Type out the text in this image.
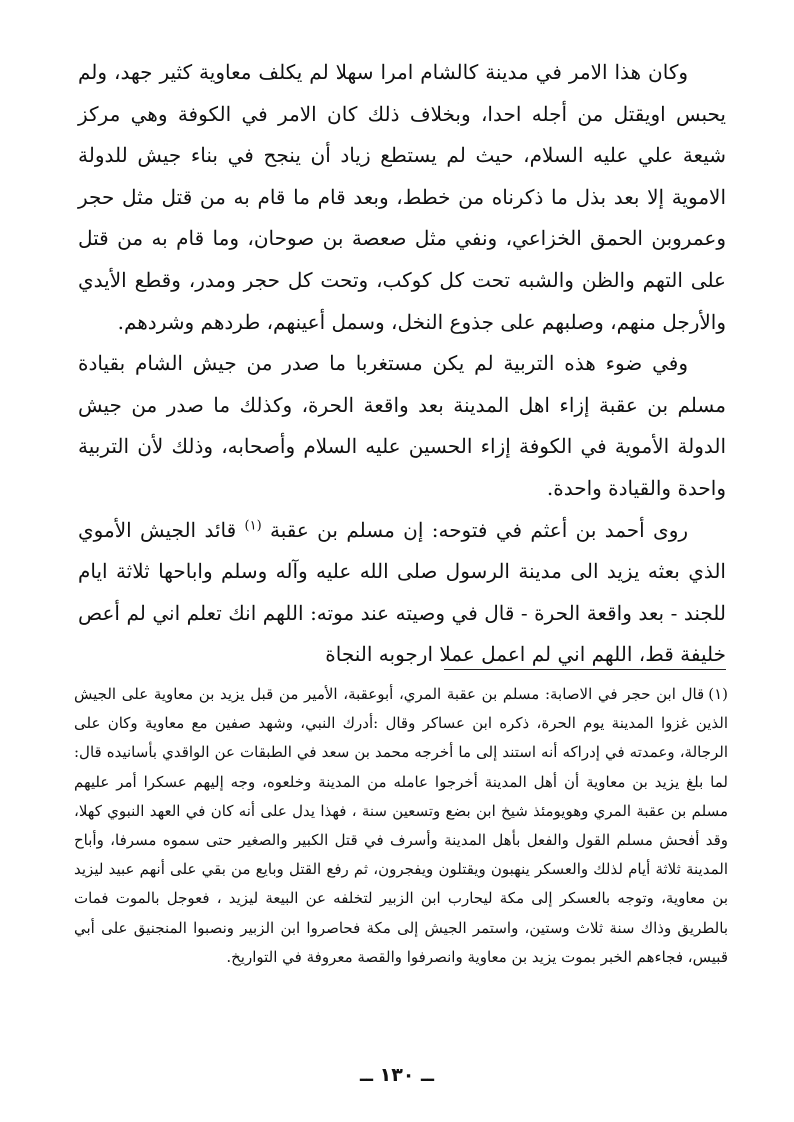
وكان هذا الامر في مدينة كالشام امرا سهلا لم يكلف معاوية كثير جهد، ولم يحبس اويقتل من أجله احدا، وبخلاف ذلك كان الامر في الكوفة وهي مركز شيعة علي عليه السلام، حيث لم يستطع زياد أن ينجح في بناء جيش للدولة الاموية إلا بعد بذل ما ذكرناه من خطط، وبعد قام ما قام به من قتل مثل حجر وعمروبن الحمق الخزاعي، ونفي مثل صعصة بن صوحان، وما قام به من قتل على التهم والظن والشبه تحت كل كوكب، وتحت كل حجر ومدر، وقطع الأيدي والأرجل منهم، وصلبهم على جذوع النخل، وسمل أعينهم، طردهم وشردهم.

وفي ضوء هذه التربية لم يكن مستغربا ما صدر من جيش الشام بقيادة مسلم بن عقبة إزاء اهل المدينة بعد واقعة الحرة، وكذلك ما صدر من جيش الدولة الأموية في الكوفة إزاء الحسين عليه السلام وأصحابه، وذلك لأن التربية واحدة والقيادة واحدة.

روى أحمد بن أعثم في فتوحه: إن مسلم بن عقبة $^{(١)}$ قائد الجيش الأموي الذي بعثه يزيد الى مدينة الرسول صلى الله عليه وآله وسلم واباحها ثلاثة ايام للجند - بعد واقعة الحرة - قال في وصيته عند موته: اللهم انك تعلم اني لم أعص خليفة قط، اللهم اني لم اعمل عملا ارجوبه النجاة

(١)قال ابن حجر في الاصابة: مسلم بن عقبة المري، أبوعقبة، الأمير من قبل يزيد بن معاوية على الجيش الذين غزوا المدينة يوم الحرة، ذكره ابن عساكر وقال :أدرك النبي، وشهد صفين مع معاوية وكان على الرجالة، وعمدته في إدراكه أنه استند إلى ما أخرجه محمد بن سعد في الطبقات عن الواقدي بأسانيده قال: لما بلغ يزيد بن معاوية أن أهل المدينة أخرجوا عامله من المدينة وخلعوه، وجه إليهم عسكرا أمر عليهم مسلم بن عقبة المري وهويومئذ شيخ ابن بضع وتسعين سنة ، فهذا يدل على أنه كان في العهد النبوي كهلا، وقد أفحش مسلم القول والفعل بأهل المدينة وأسرف في قتل الكبير والصغير حتى سموه مسرفا، وأباح المدينة ثلاثة أيام لذلك والعسكر ينهبون ويقتلون ويفجرون، ثم رفع القتل وبايع من بقي على أنهم عبيد ليزيد بن معاوية، وتوجه بالعسكر إلى مكة ليحارب ابن الزبير لتخلفه عن البيعة ليزيد ، فعوجل بالموت فمات بالطريق وذاك سنة ثلاث وستين، واستمر الجيش إلى مكة فحاصروا ابن الزبير ونصبوا المنجنيق على أبي قبيس، فجاءهم الخبر بموت يزيد بن معاوية وانصرفوا والقصة معروفة في التواريخ.

ــ ١٣٠ ــ
